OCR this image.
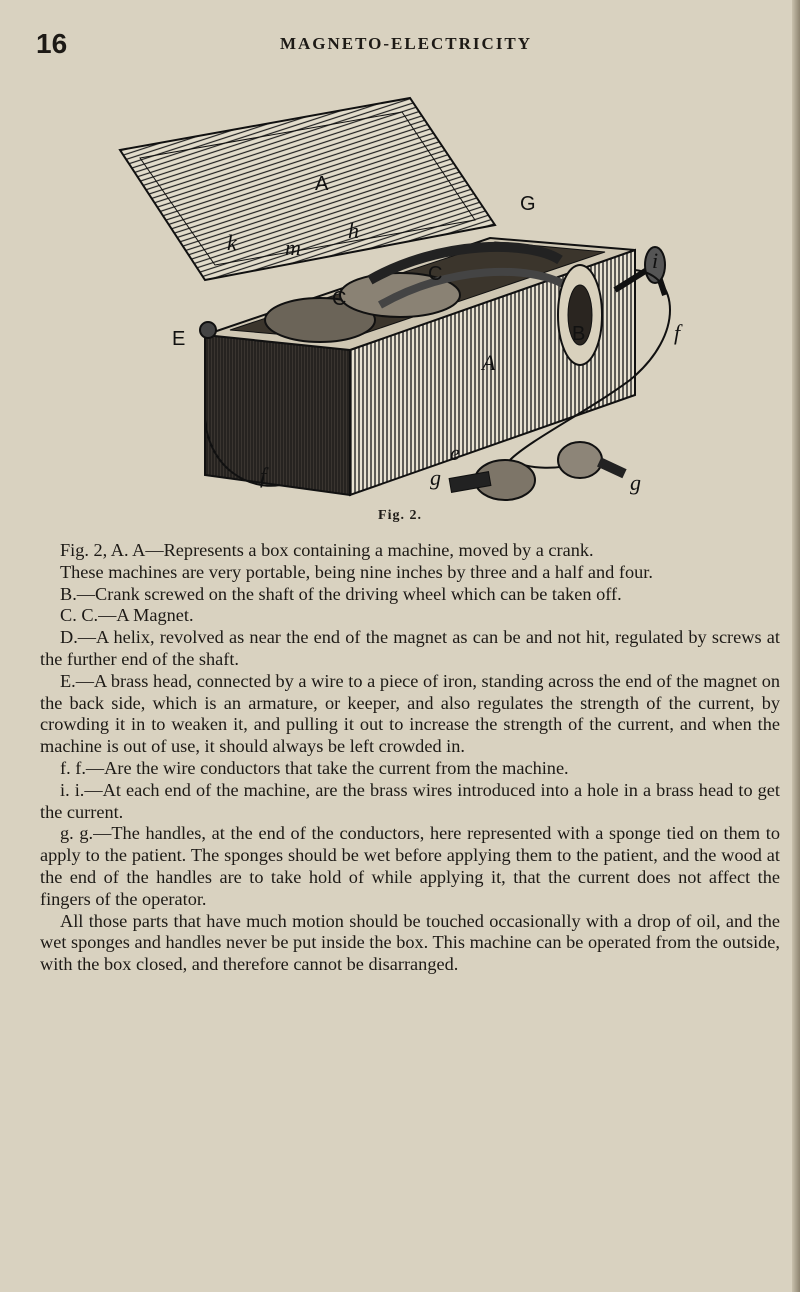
16	MAGNETO-ELECTRICITY
A
G
h
k m
C
C
E	B
i
f
f
A
g	g
e
Fig. 2.

Fig. 2, A. A—Represents a box containing a machine, moved by a crank.

These machines are very portable, being nine inches by three and a half and four.

B.—Crank screwed on the shaft of the driving wheel which can be taken off.

C. C.—A Magnet.

D.—A helix, revolved as near the end of the magnet as can be and not hit, regulated by screws at the further end of the shaft.

E.—A brass head, connected by a wire to a piece of iron, standing across the end of the magnet on the back side, which is an armature, or keeper, and also regulates the strength of the current, by crowding it in to weaken it, and pulling it out to increase the strength of the current, and when the machine is out of use, it should always be left crowded in.

f. f.—Are the wire conductors that take the current from the machine.

i. i.—At each end of the machine, are the brass wires introduced into a hole in a brass head to get the current.

g. g.—The handles, at the end of the conductors, here represented with a sponge tied on them to apply to the patient. The sponges should be wet before applying them to the patient, and the wood at the end of the handles are to take hold of while applying it, that the current does not affect the fingers of the operator.

All those parts that have much motion should be touched occasionally with a drop of oil, and the wet sponges and handles never be put inside the box. This machine can be operated from the outside, with the box closed, and therefore cannot be disarranged.
